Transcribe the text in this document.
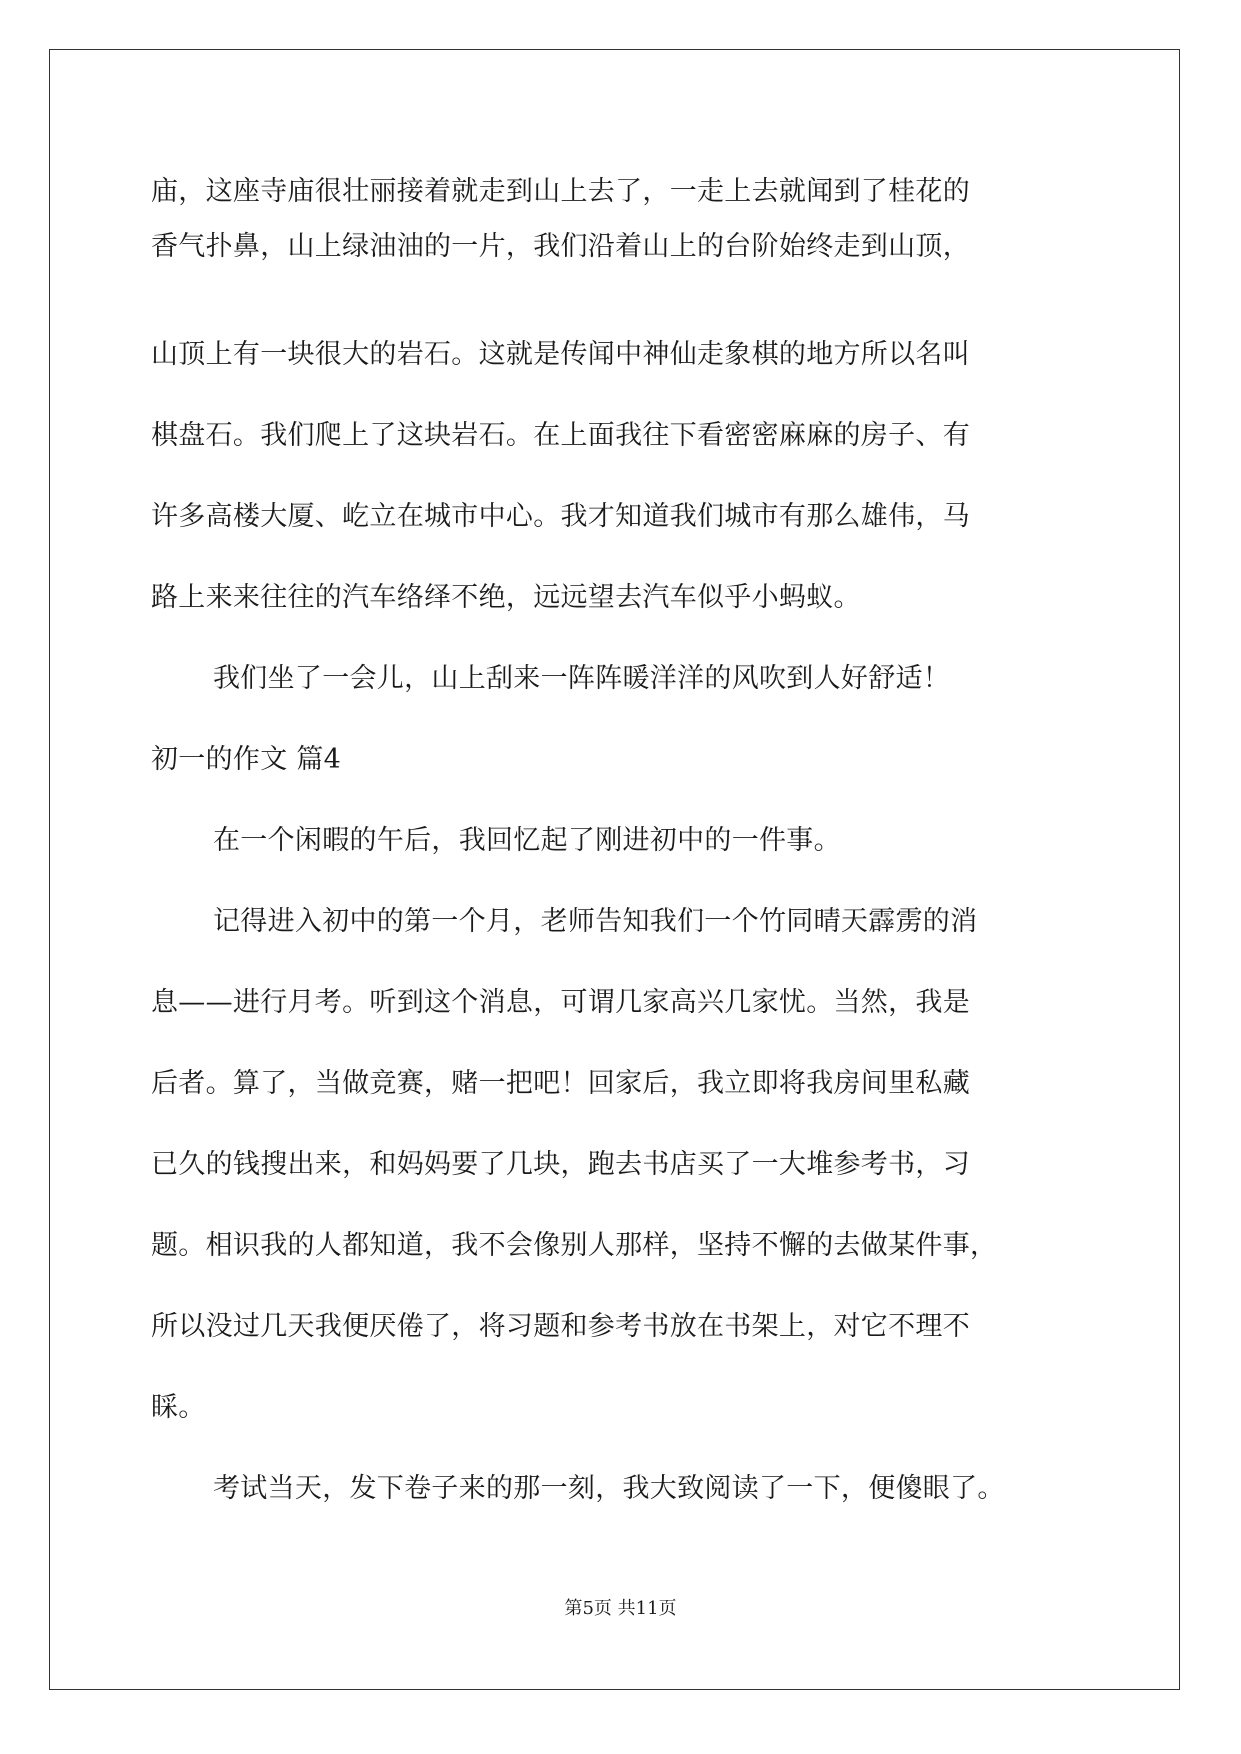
庙，这座寺庙很壮丽接着就走到山上去了，一走上去就闻到了桂花的
香气扑鼻，山上绿油油的一片，我们沿着山上的台阶始终走到山顶，
山顶上有一块很大的岩石。这就是传闻中神仙走象棋的地方所以名叫
棋盘石。我们爬上了这块岩石。在上面我往下看密密麻麻的房子、有
许多高楼大厦、屹立在城市中心。我才知道我们城市有那么雄伟，马
路上来来往往的汽车络绎不绝，远远望去汽车似乎小蚂蚁。
我们坐了一会儿，山上刮来一阵阵暖洋洋的风吹到人好舒适！
初一的作文 篇4
在一个闲暇的午后，我回忆起了刚进初中的一件事。
记得进入初中的第一个月，老师告知我们一个竹同晴天霹雳的消
息——进行月考。听到这个消息，可谓几家高兴几家忧。当然，我是
后者。算了，当做竞赛，赌一把吧！回家后，我立即将我房间里私藏
已久的钱搜出来，和妈妈要了几块，跑去书店买了一大堆参考书，习
题。相识我的人都知道，我不会像别人那样，坚持不懈的去做某件事，
所以没过几天我便厌倦了，将习题和参考书放在书架上，对它不理不
睬。
考试当天，发下卷子来的那一刻，我大致阅读了一下，便傻眼了。
第5页 共11页
